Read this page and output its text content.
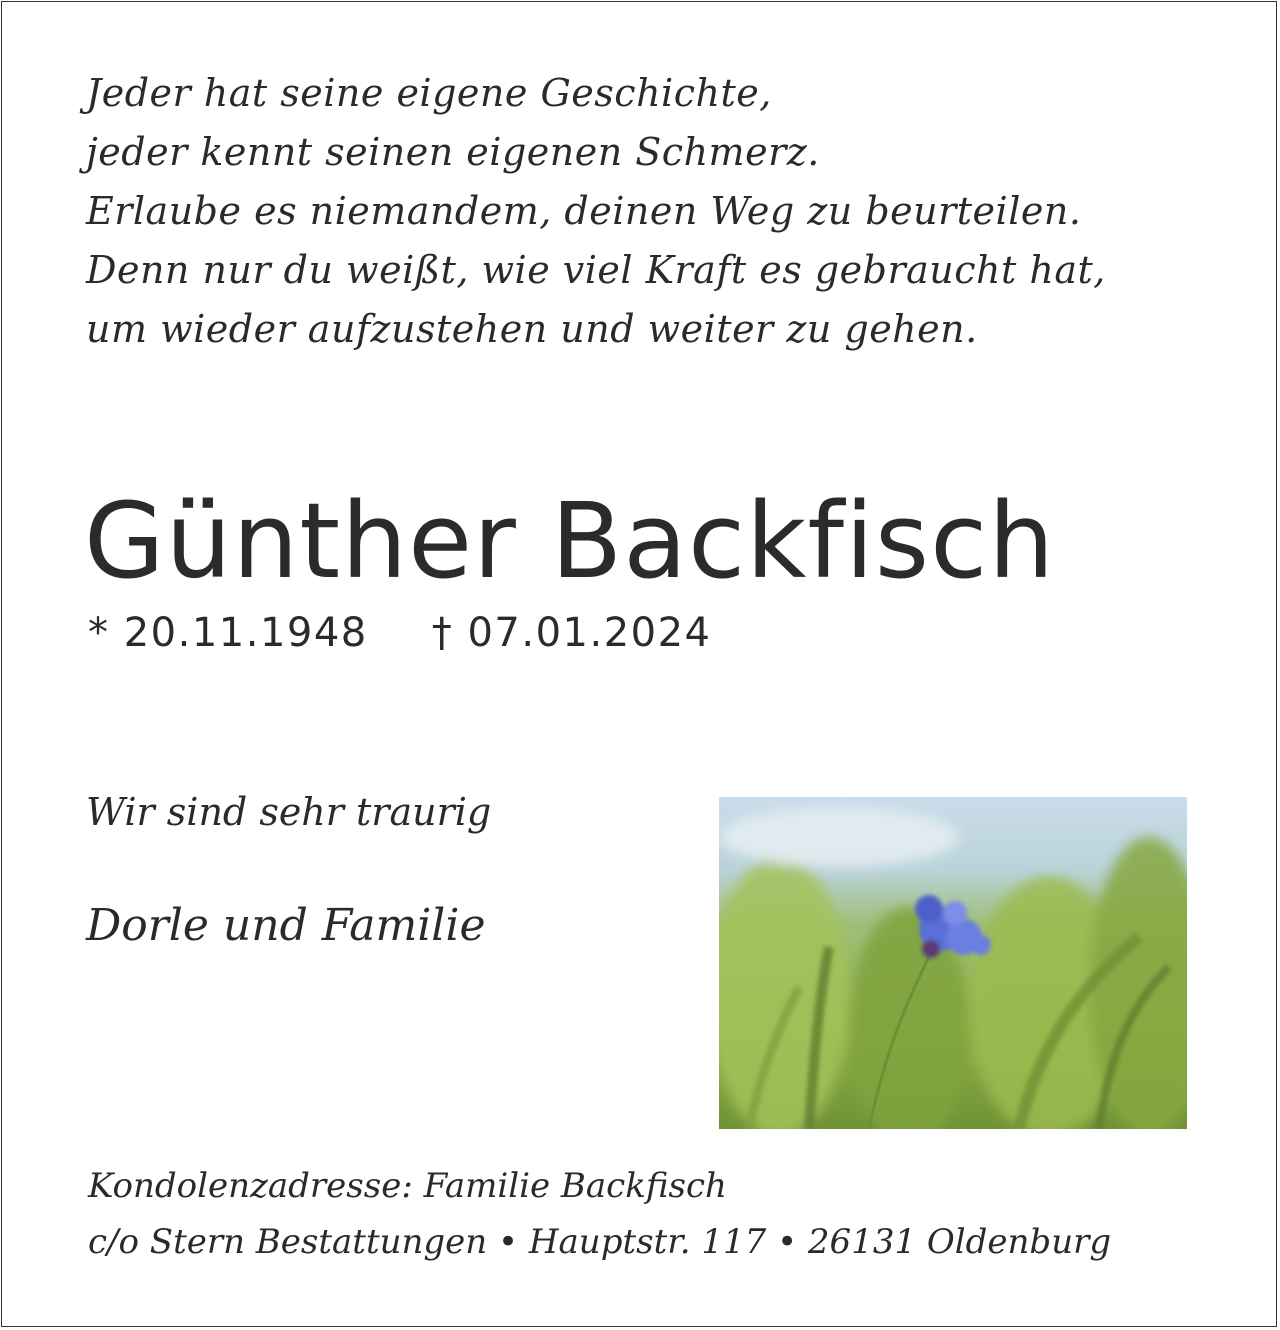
Jeder hat seine eigene Geschichte,
jeder kennt seinen eigenen Schmerz.
Erlaube es niemandem, deinen Weg zu beurteilen.
Denn nur du weißt, wie viel Kraft es gebraucht hat,
um wieder aufzustehen und weiter zu gehen.
Günther Backfisch
* 20.11.1948 † 07.01.2024
Wir sind sehr traurig
Dorle und Familie
Kondolenzadresse: Familie Backfisch
c/o Stern Bestattungen • Hauptstr. 117 • 26131 Oldenburg
